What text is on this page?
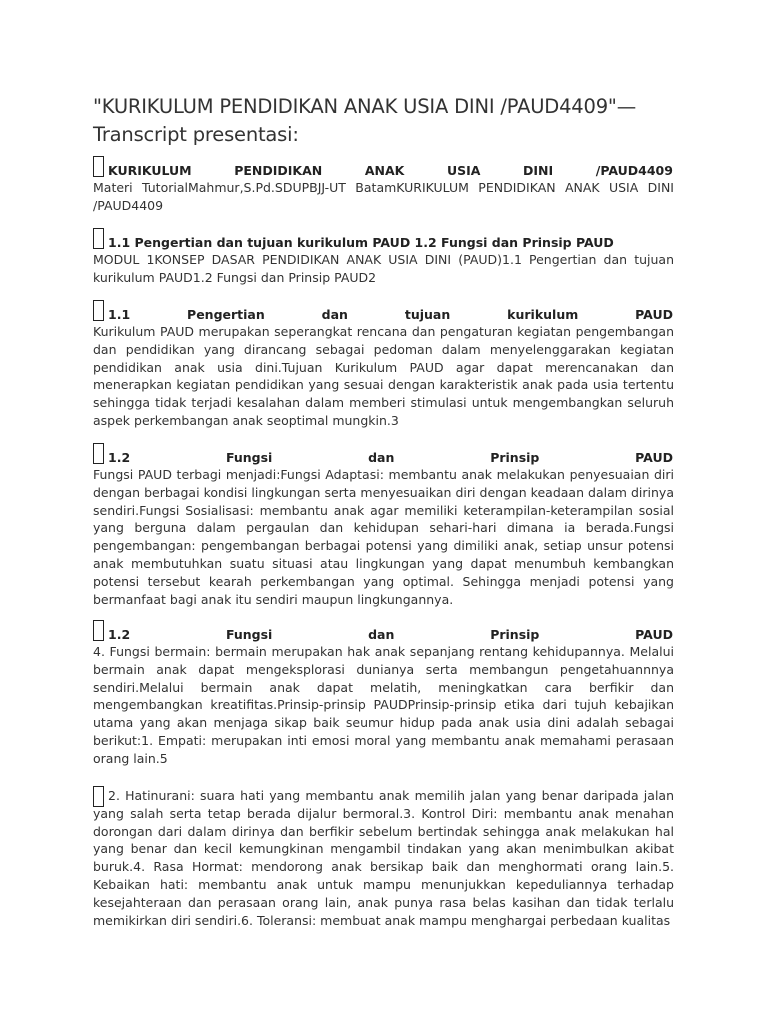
"KURIKULUM PENDIDIKAN ANAK USIA DINI /PAUD4409"— Transcript presentasi:
KURIKULUM	PENDIDIKAN	ANAK	USIA	DINI	/PAUD4409

Materi TutorialMahmur,S.Pd.SDUPBJJ-UT BatamKURIKULUM PENDIDIKAN ANAK USIA DINI /PAUD4409

1.1 Pengertian dan tujuan kurikulum PAUD 1.2 Fungsi dan Prinsip PAUD

MODUL 1KONSEP DASAR PENDIDIKAN ANAK USIA DINI (PAUD)1.1 Pengertian dan tujuan kurikulum PAUD1.2 Fungsi dan Prinsip PAUD2

1.1	Pengertian	dan	tujuan	kurikulum	PAUD

Kurikulum PAUD merupakan seperangkat rencana dan pengaturan kegiatan pengembangan dan pendidikan yang dirancang sebagai pedoman dalam menyelenggarakan kegiatan pendidikan anak usia dini.Tujuan Kurikulum PAUD agar dapat merencanakan dan menerapkan kegiatan pendidikan yang sesuai dengan karakteristik anak pada usia tertentu sehingga tidak terjadi kesalahan dalam memberi stimulasi untuk mengembangkan seluruh aspek perkembangan anak seoptimal mungkin.3

1.2	Fungsi	dan	Prinsip	PAUD

Fungsi PAUD terbagi menjadi:Fungsi Adaptasi: membantu anak melakukan penyesuaian diri dengan berbagai kondisi lingkungan serta menyesuaikan diri dengan keadaan dalam dirinya sendiri.Fungsi Sosialisasi: membantu anak agar memiliki keterampilan-keterampilan sosial yang berguna dalam pergaulan dan kehidupan sehari-hari dimana ia berada.Fungsi pengembangan: pengembangan berbagai potensi yang dimiliki anak, setiap unsur potensi anak membutuhkan suatu situasi atau lingkungan yang dapat menumbuh kembangkan potensi tersebut kearah perkembangan yang optimal. Sehingga menjadi potensi yang bermanfaat bagi anak itu sendiri maupun lingkungannya.

1.2	Fungsi	dan	Prinsip	PAUD

4. Fungsi bermain: bermain merupakan hak anak sepanjang rentang kehidupannya. Melalui bermain anak dapat mengeksplorasi dunianya serta membangun pengetahuannnya sendiri.Melalui bermain anak dapat melatih, meningkatkan cara berfikir dan mengembangkan kreatifitas.Prinsip-prinsip PAUDPrinsip-prinsip etika dari tujuh kebajikan utama yang akan menjaga sikap baik seumur hidup pada anak usia dini adalah sebagai berikut:1. Empati: merupakan inti emosi moral yang membantu anak memahami perasaan orang lain.5

2. Hatinurani: suara hati yang membantu anak memilih jalan yang benar daripada jalan yang salah serta tetap berada dijalur bermoral.3. Kontrol Diri: membantu anak menahan dorongan dari dalam dirinya dan berfikir sebelum bertindak sehingga anak melakukan hal yang benar dan kecil kemungkinan mengambil tindakan yang akan menimbulkan akibat buruk.4. Rasa Hormat: mendorong anak bersikap baik dan menghormati orang lain.5. Kebaikan hati: membantu anak untuk mampu menunjukkan kepeduliannya terhadap kesejahteraan dan perasaan orang lain, anak punya rasa belas kasihan dan tidak terlalu memikirkan diri sendiri.6. Toleransi: membuat anak mampu menghargai perbedaan kualitas
